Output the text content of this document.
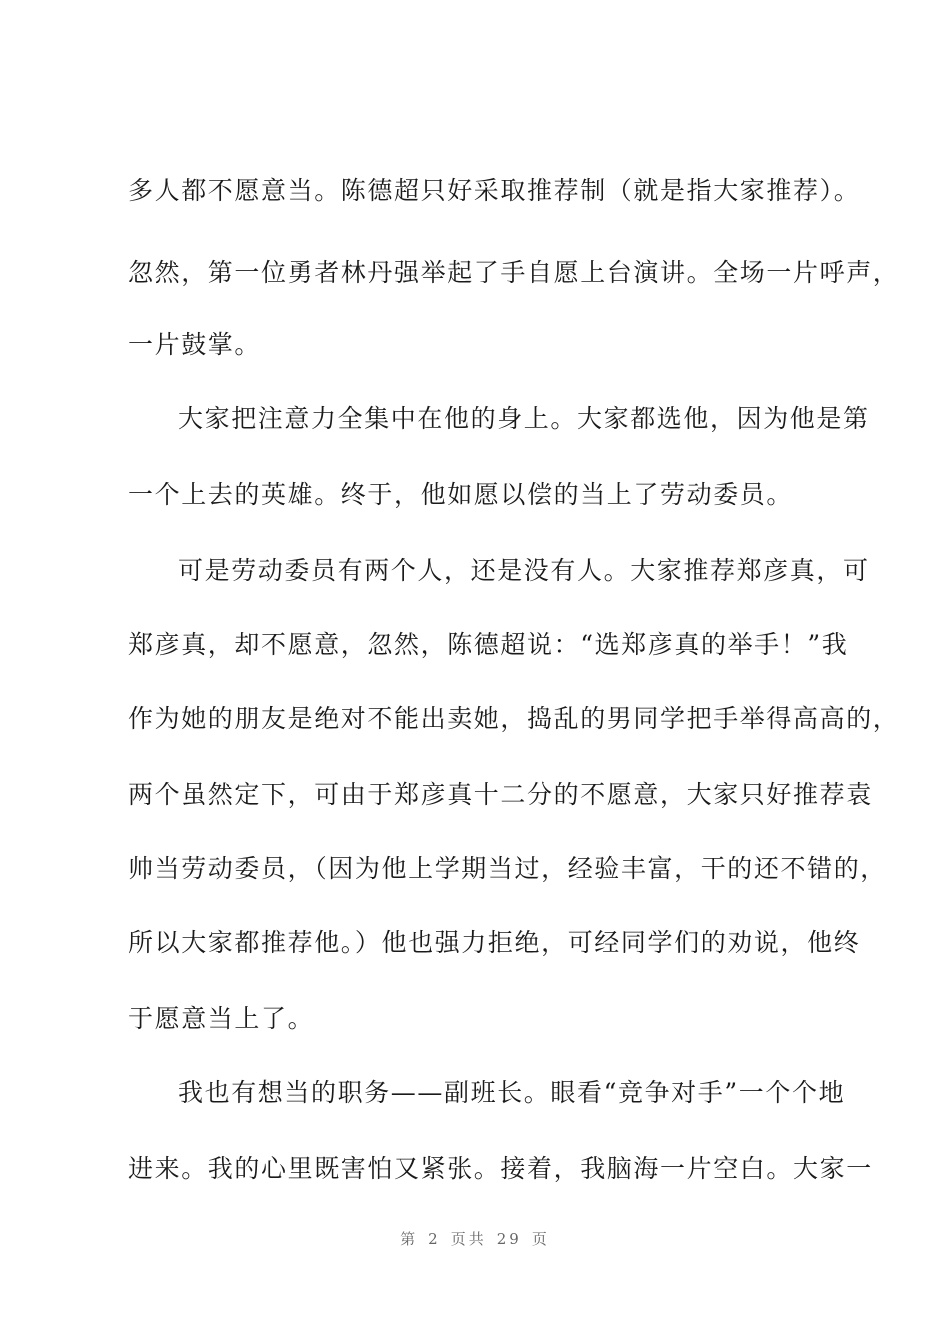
多人都不愿意当。陈德超只好采取推荐制（就是指大家推荐）。
忽然，第一位勇者林丹强举起了手自愿上台演讲。全场一片呼声，
一片鼓掌。
大家把注意力全集中在他的身上。大家都选他，因为他是第
一个上去的英雄。终于，他如愿以偿的当上了劳动委员。
可是劳动委员有两个人，还是没有人。大家推荐郑彦真，可
郑彦真，却不愿意，忽然，陈德超说：“选郑彦真的举手！”我
作为她的朋友是绝对不能出卖她，捣乱的男同学把手举得高高的，
两个虽然定下，可由于郑彦真十二分的不愿意，大家只好推荐袁
帅当劳动委员，（因为他上学期当过，经验丰富，干的还不错的，
所以大家都推荐他。）他也强力拒绝，可经同学们的劝说，他终
于愿意当上了。
我也有想当的职务——副班长。眼看“竞争对手”一个个地
进来。我的心里既害怕又紧张。接着，我脑海一片空白。大家一
第 2 页共 29 页
